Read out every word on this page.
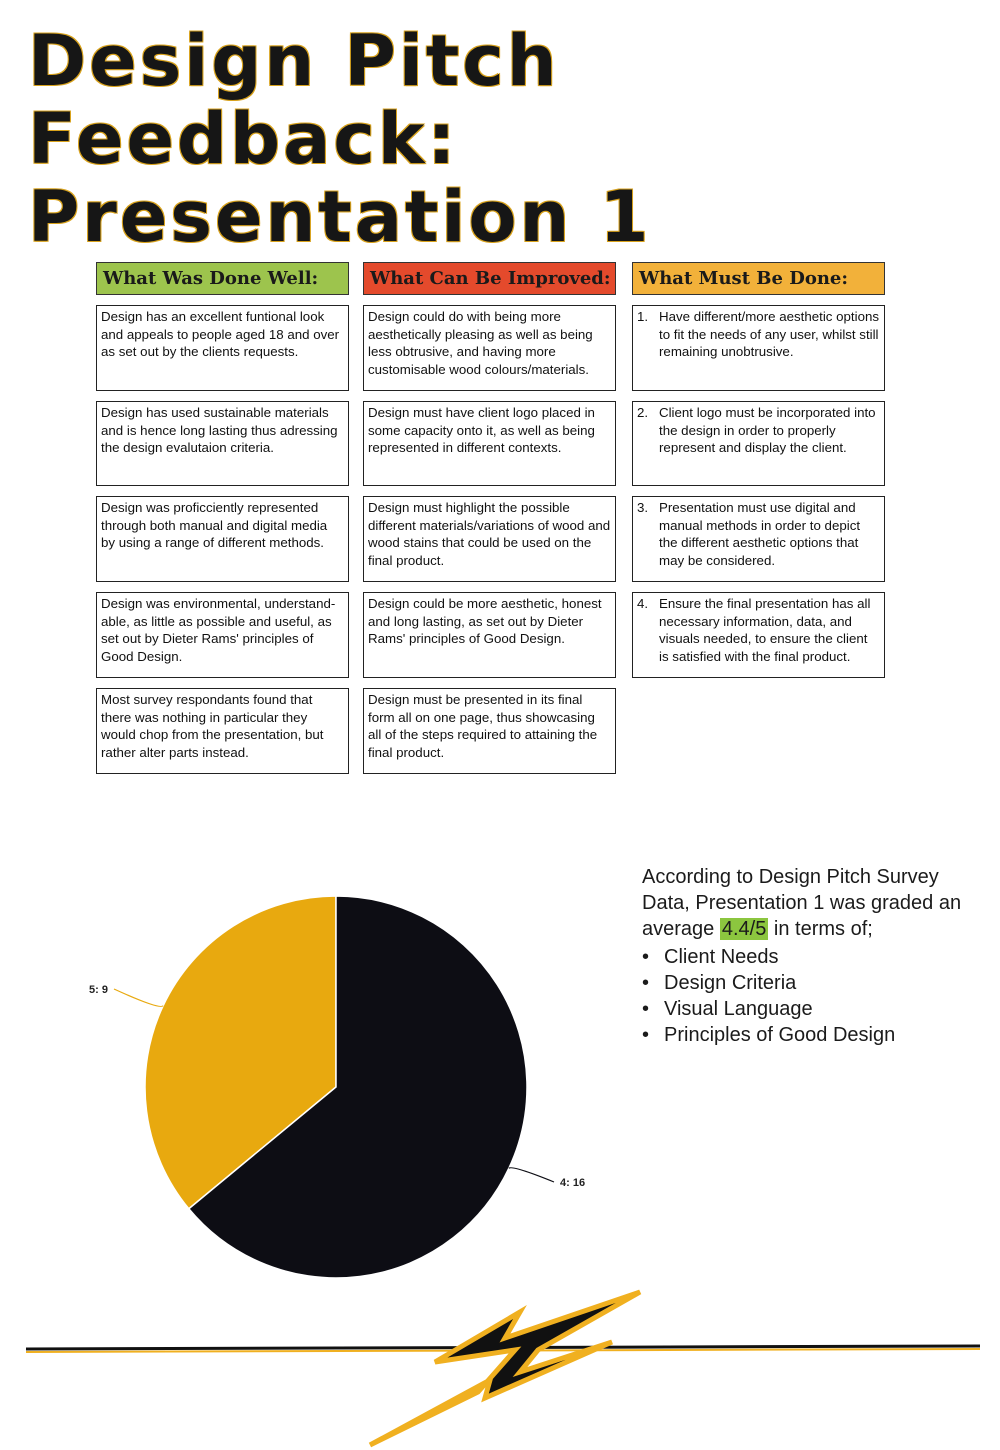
Design Pitch Feedback:
Presentation 1
What Was Done Well:
Design has an excellent funtional look and appeals to people aged 18 and over as set out by the clients requests.
Design has used sustainable materials and is hence long lasting thus adressing the design evalutaion criteria.
Design was proficciently represented through both manual and digital media by using a range of different methods.
Design was environmental, understand-able, as little as possible and useful, as set out by Dieter Rams' principles of Good Design.
Most survey respondants found that there was nothing in particular they would chop from the presentation, but rather alter parts instead.
What Can Be Improved:
Design could do with being more aesthetically pleasing as well as being less obtrusive, and having more customisable wood colours/materials.
Design must have client logo placed in some capacity onto it, as well as being represented in different contexts.
Design must highlight the possible different materials/variations of wood and wood stains that could be used on the final product.
Design could be more aesthetic, honest and long lasting, as set out by Dieter Rams' principles of Good Design.
Design must be presented in its final form all on one page, thus showcasing all of the steps required to attaining the final product.
What Must Be Done:
1. Have different/more aesthetic options to fit the needs of any user, whilst still remaining unobtrusive.
2. Client logo must be incorporated into the design in order to properly represent and display the client.
3. Presentation must use digital and manual methods in order to depict the different aesthetic options that may be considered.
4. Ensure the final presentation has all necessary information, data, and visuals needed, to ensure the client is satisfied with the final product.
5: 9
4: 16
According to Design Pitch Survey Data, Presentation 1 was graded an average 4.4/5 in terms of;
• Client Needs
• Design Criteria
• Visual Language
• Principles of Good Design
